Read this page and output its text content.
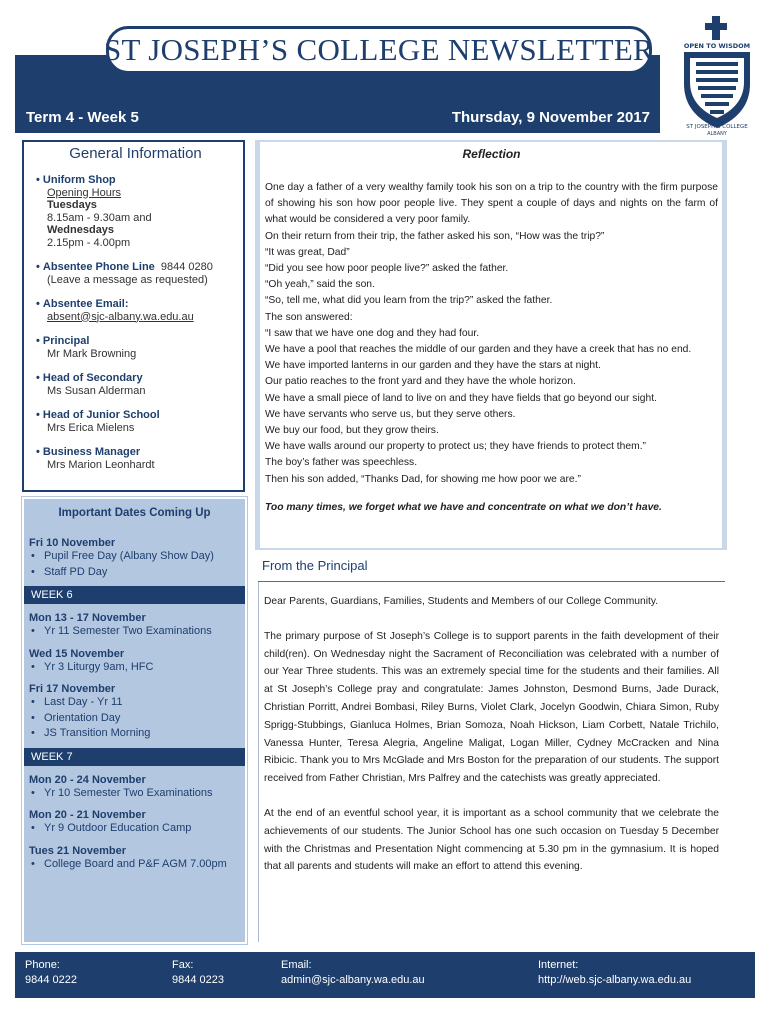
ST JOSEPH’S COLLEGE NEWSLETTER
Term 4 - Week 5	Thursday, 9 November 2017
OPEN TO WISDOM
ST JOSEPH’S COLLEGE
ALBANY
General Information
• Uniform Shop
Opening Hours
Tuesdays
8.15am - 9.30am and
Wednesdays
2.15pm - 4.00pm
• Absentee Phone Line 9844 0280
(Leave a message as requested)
• Absentee Email:
absent@sjc-albany.wa.edu.au
• Principal
Mr Mark Browning
• Head of Secondary
Ms Susan Alderman
• Head of Junior School
Mrs Erica Mielens
• Business Manager
Mrs Marion Leonhardt
Important Dates Coming Up
Fri 10 November
• Pupil Free Day (Albany Show Day)
• Staff PD Day
WEEK 6
Mon 13 - 17 November
• Yr 11 Semester Two Examinations
Wed 15 November
• Yr 3 Liturgy 9am, HFC
Fri 17 November
• Last Day - Yr 11
• Orientation Day
• JS Transition Morning
WEEK 7
Mon 20 - 24 November
• Yr 10 Semester Two Examinations
Mon 20 - 21 November
• Yr 9 Outdoor Education Camp
Tues 21 November
• College Board and P&F AGM 7.00pm
Reflection

One day a father of a very wealthy family took his son on a trip to the country with the firm purpose of showing his son how poor people live. They spent a couple of days and nights on the farm of what would be considered a very poor family.

On their return from their trip, the father asked his son, “How was the trip?”

“It was great, Dad”

“Did you see how poor people live?” asked the father.

“Oh yeah,” said the son.

“So, tell me, what did you learn from the trip?” asked the father.

The son answered:

“I saw that we have one dog and they had four.

We have a pool that reaches the middle of our garden and they have a creek that has no end.

We have imported lanterns in our garden and they have the stars at night.

Our patio reaches to the front yard and they have the whole horizon.

We have a small piece of land to live on and they have fields that go beyond our sight.

We have servants who serve us, but they serve others.

We buy our food, but they grow theirs.

We have walls around our property to protect us; they have friends to protect them.”

The boy’s father was speechless.

Then his son added, “Thanks Dad, for showing me how poor we are.”

Too many times, we forget what we have and concentrate on what we don’t have.
From the Principal

Dear Parents, Guardians, Families, Students and Members of our College Community.

The primary purpose of St Joseph’s College is to support parents in the faith development of their child(ren). On Wednesday night the Sacrament of Reconciliation was celebrated with a number of our Year Three students. This was an extremely special time for the students and their families. All at St Joseph’s College pray and congratulate: James Johnston, Desmond Burns, Jade Durack, Christian Porritt, Andrei Bombasi, Riley Burns, Violet Clark, Jocelyn Goodwin, Chiara Simon, Ruby Sprigg-Stubbings, Gianluca Holmes, Brian Somoza, Noah Hickson, Liam Corbett, Natale Trichilo, Vanessa Hunter, Teresa Alegria, Angeline Maligat, Logan Miller, Cydney McCracken and Nina Ribicic. Thank you to Mrs McGlade and Mrs Boston for the preparation of our students. The support received from Father Christian, Mrs Palfrey and the catechists was greatly appreciated.

At the end of an eventful school year, it is important as a school community that we celebrate the achievements of our students. The Junior School has one such occasion on Tuesday 5 December with the Christmas and Presentation Night commencing at 5.30 pm in the gymnasium. It is hoped that all parents and students will make an effort to attend this evening.

Phone:
9844 0222
Fax:
9844 0223
Email:
admin@sjc-albany.wa.edu.au
Internet:
http://web.sjc-albany.wa.edu.au
